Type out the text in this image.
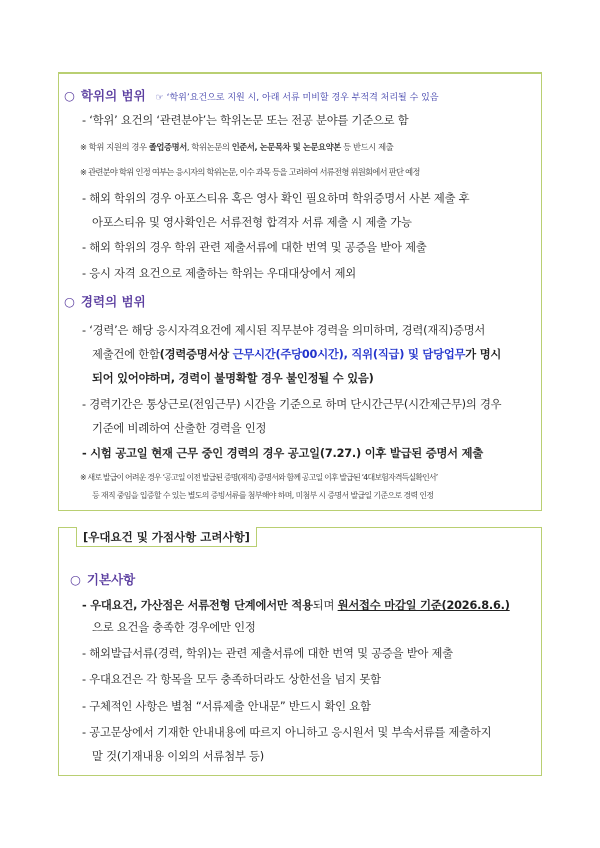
[우대요건 및 가점사항 고려사항]
○ 학위의 범위 ☞ ‘학위’요건으로 지원 시, 아래 서류 미비할 경우 부적격 처리될 수 있음
- ‘학위’ 요건의 ‘관련분야’는 학위논문 또는 전공 분야를 기준으로 함
※ 학위 지원의 경우 졸업증명서, 학위논문의 인준서, 논문목차 및 논문요약본 등 반드시 제출
※ 관련분야 학위 인정 여부는 응시자의 학위논문, 이수 과목 등을 고려하여 서류전형 위원회에서 판단 예정
- 해외 학위의 경우 아포스티유 혹은 영사 확인 필요하며 학위증명서 사본 제출 후
아포스티유 및 영사확인은 서류전형 합격자 서류 제출 시 제출 가능
- 해외 학위의 경우 학위 관련 제출서류에 대한 번역 및 공증을 받아 제출
- 응시 자격 요건으로 제출하는 학위는 우대대상에서 제외
○ 경력의 범위
- ‘경력’은 해당 응시자격요건에 제시된 직무분야 경력을 의미하며, 경력(재직)증명서
제출건에 한함(경력증명서상 근무시간(주당00시간), 직위(직급) 및 담당업무가 명시
되어 있어야하며, 경력이 불명확할 경우 불인정될 수 있음)
- 경력기간은 통상근로(전임근무) 시간을 기준으로 하며 단시간근무(시간제근무)의 경우
기준에 비례하여 산출한 경력을 인정
- 시험 공고일 현재 근무 중인 경력의 경우 공고일(7.27.) 이후 발급된 증명서 제출
※ 새로 발급이 어려운 경우 ‘공고일 이전 발급된 증명(재직) 증명서와 함께 공고일 이후 발급된 ‘4대보험자격득실확인서’
등 재직 중임을 입증할 수 있는 별도의 증빙서류를 첨부해야 하며, 미첨부 시 증명서 발급일 기준으로 경력 인정
○ 기본사항
- 우대요건, 가산점은 서류전형 단계에서만 적용되며 원서접수 마감일 기준(2026.8.6.)
으로 요건을 충족한 경우에만 인정
- 해외발급서류(경력, 학위)는 관련 제출서류에 대한 번역 및 공증을 받아 제출
- 우대요건은 각 항목을 모두 충족하더라도 상한선을 넘지 못함
- 구체적인 사항은 별첨 “서류제출 안내문” 반드시 확인 요함
- 공고문상에서 기재한 안내내용에 따르지 아니하고 응시원서 및 부속서류를 제출하지
말 것(기재내용 이외의 서류첨부 등)
